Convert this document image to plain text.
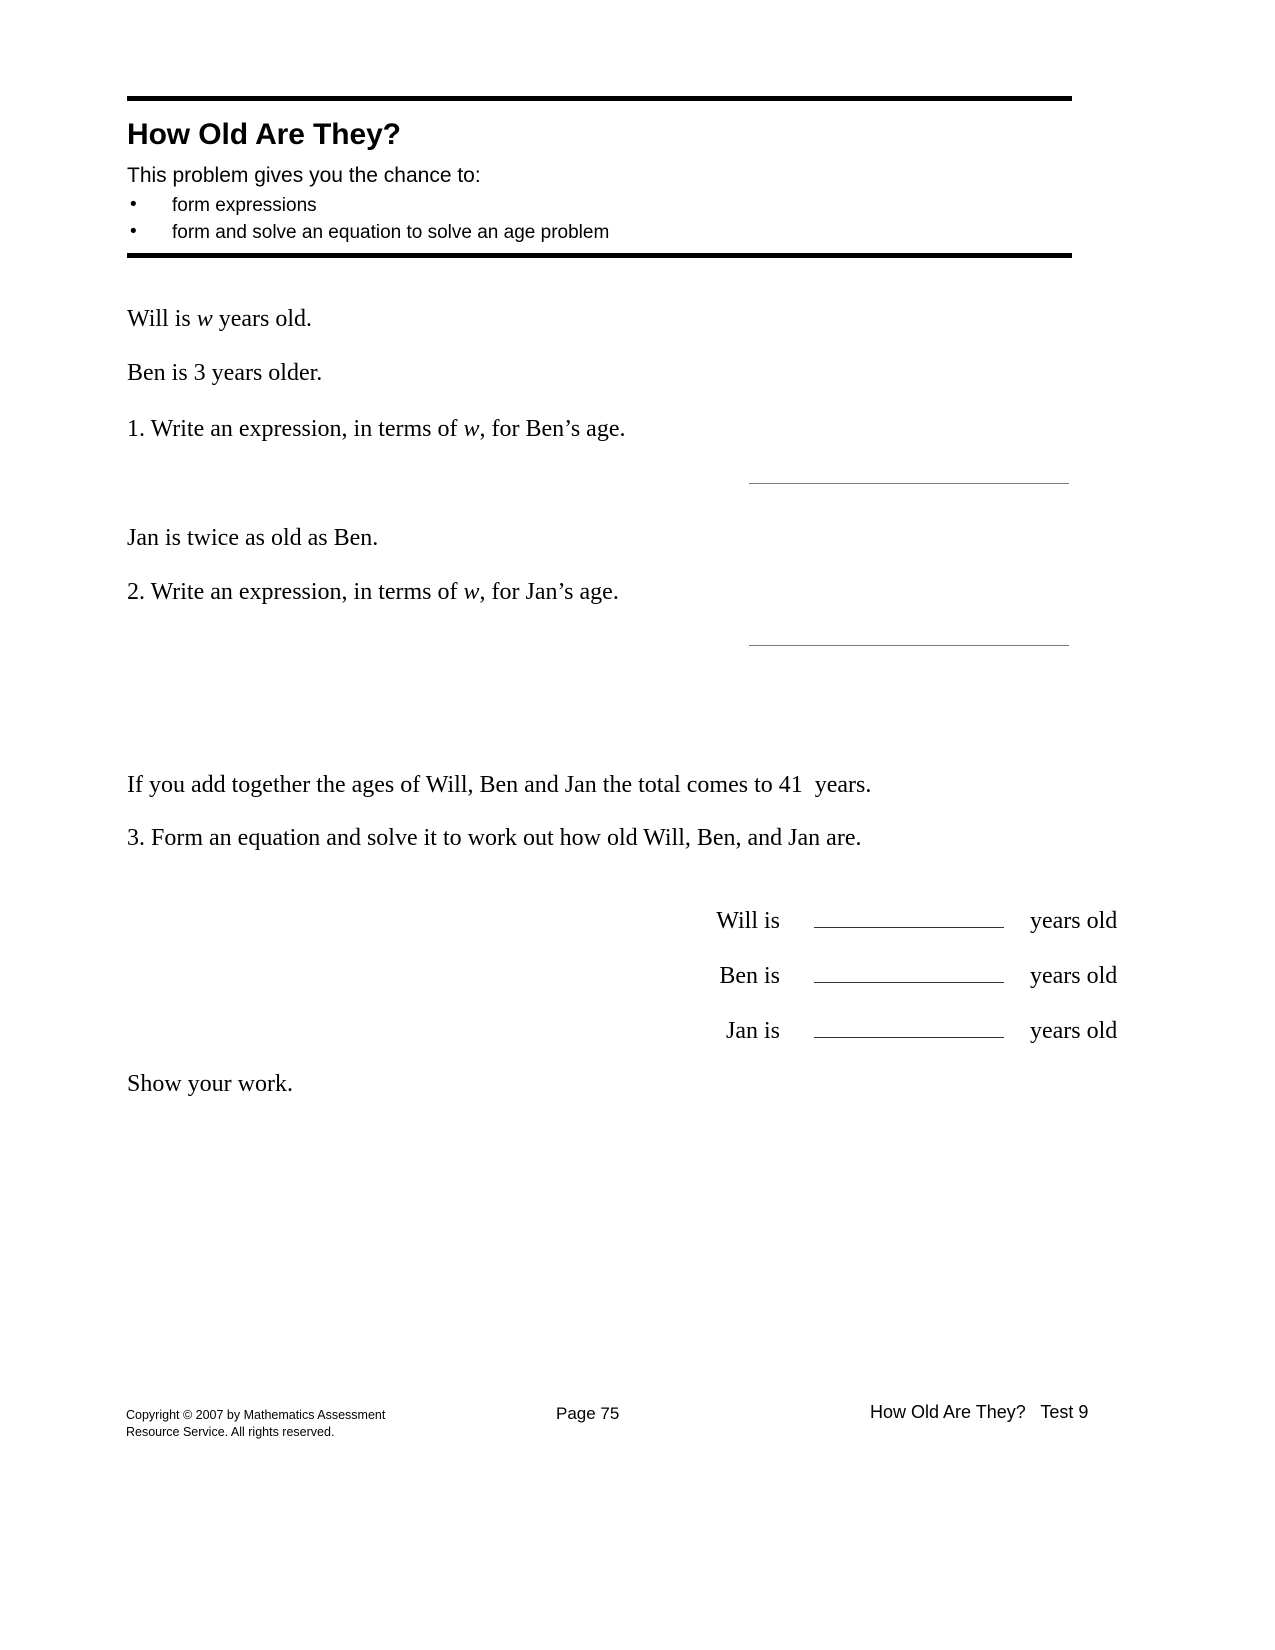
How Old Are They?
This problem gives you the chance to:
• form expressions
• form and solve an equation to solve an age problem
Will is w years old.
Ben is 3 years older.
1. Write an expression, in terms of w, for Ben’s age.
Jan is twice as old as Ben.
2. Write an expression, in terms of w, for Jan’s age.
If you add together the ages of Will, Ben and Jan the total comes to 41  years.
3. Form an equation and solve it to work out how old Will, Ben, and Jan are.
Will is	years old
Ben is	years old
Jan is	years old
Show your work.
Copyright © 2007 by Mathematics Assessment
Resource Service. All rights reserved.
Page 75	How Old Are They?   Test 9
